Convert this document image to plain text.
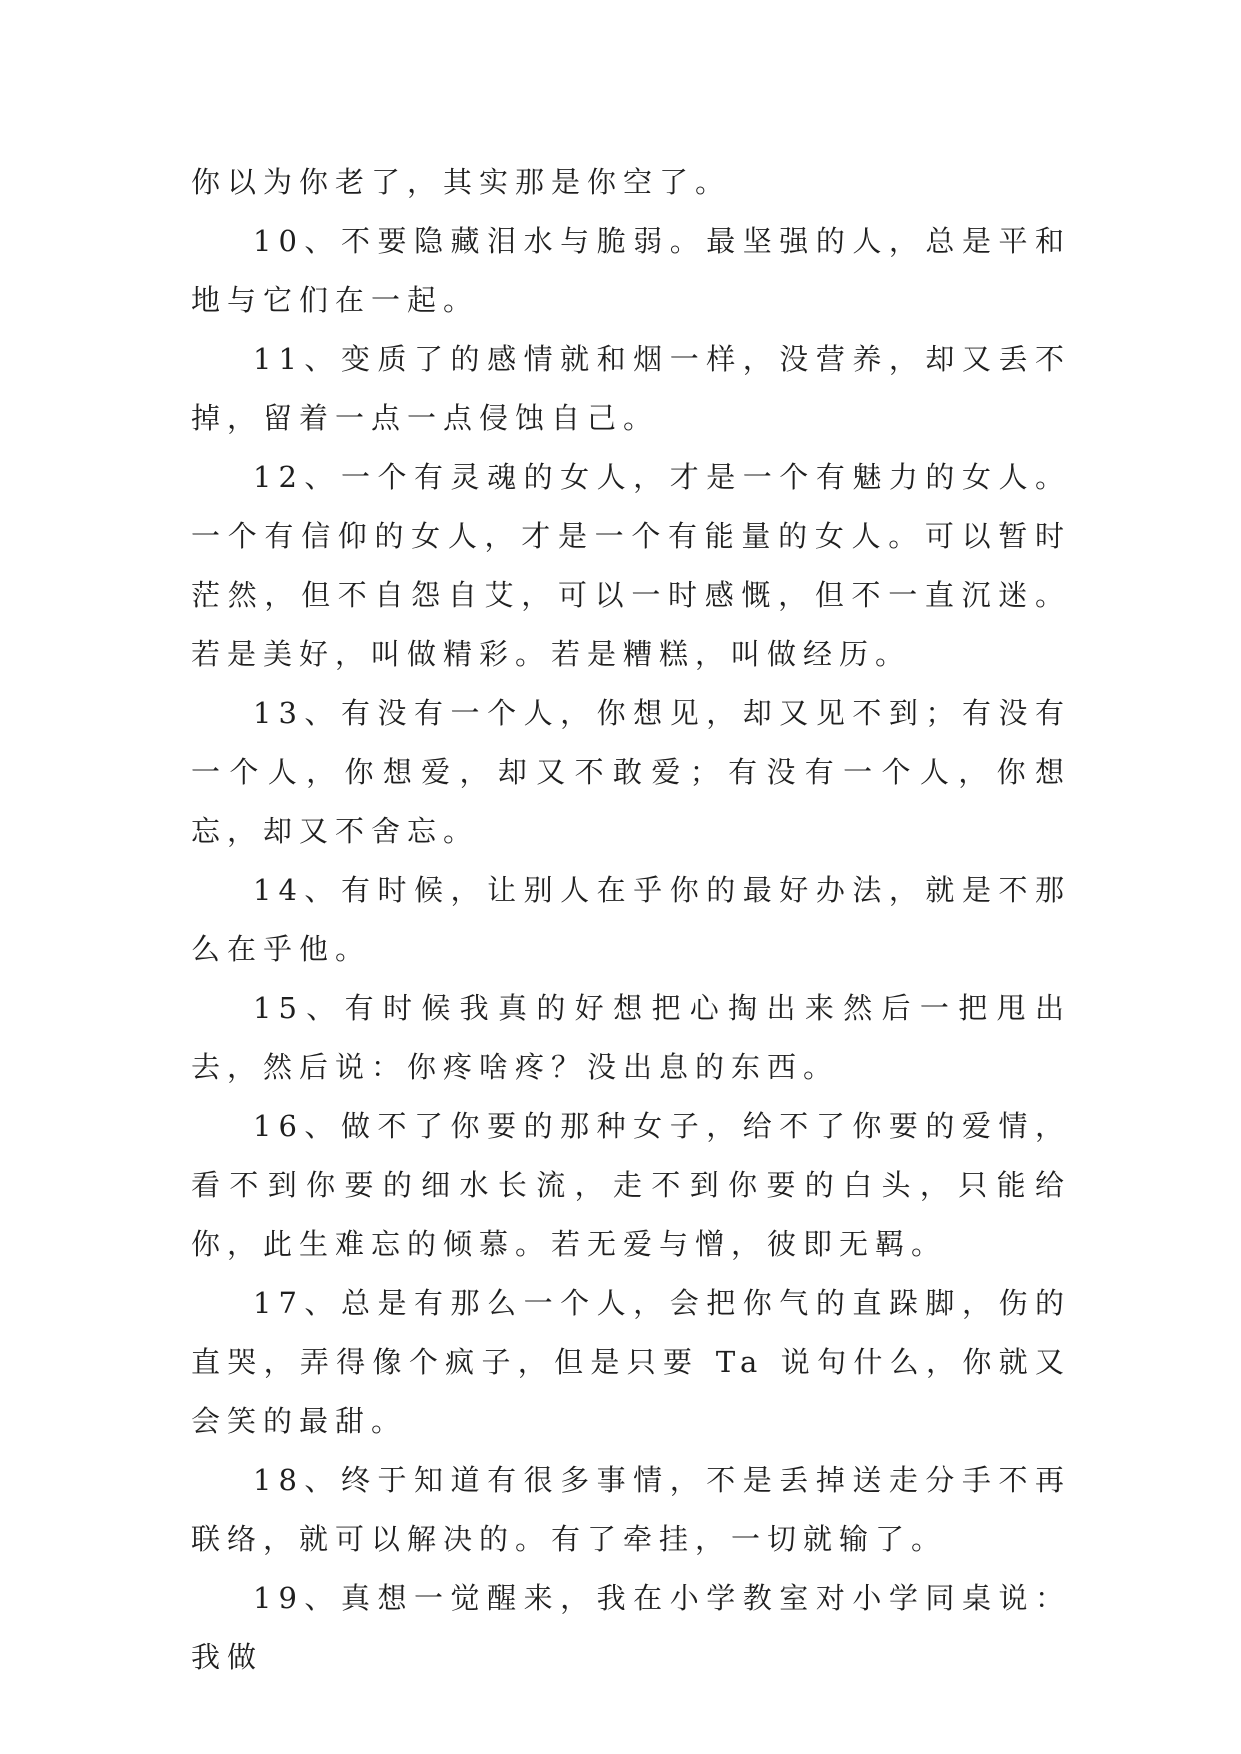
你以为你老了，其实那是你空了。

10、不要隐藏泪水与脆弱。最坚强的人，总是平和地与它们在一起。

11、变质了的感情就和烟一样，没营养，却又丢不掉，留着一点一点侵蚀自己。

12、一个有灵魂的女人，才是一个有魅力的女人。一个有信仰的女人，才是一个有能量的女人。可以暂时茫然，但不自怨自艾，可以一时感慨，但不一直沉迷。若是美好，叫做精彩。若是糟糕，叫做经历。

13、有没有一个人，你想见，却又见不到；有没有一个人，你想爱，却又不敢爱；有没有一个人，你想忘，却又不舍忘。

14、有时候，让别人在乎你的最好办法，就是不那么在乎他。

15、有时候我真的好想把心掏出来然后一把甩出去，然后说：你疼啥疼？没出息的东西。

16、做不了你要的那种女子，给不了你要的爱情，看不到你要的细水长流，走不到你要的白头，只能给你，此生难忘的倾慕。若无爱与憎，彼即无羁。

17、总是有那么一个人，会把你气的直跺脚，伤的直哭，弄得像个疯子，但是只要 Ta 说句什么，你就又会笑的最甜。

18、终于知道有很多事情，不是丢掉送走分手不再联络，就可以解决的。有了牵挂，一切就输了。

19、真想一觉醒来，我在小学教室对小学同桌说：我做
